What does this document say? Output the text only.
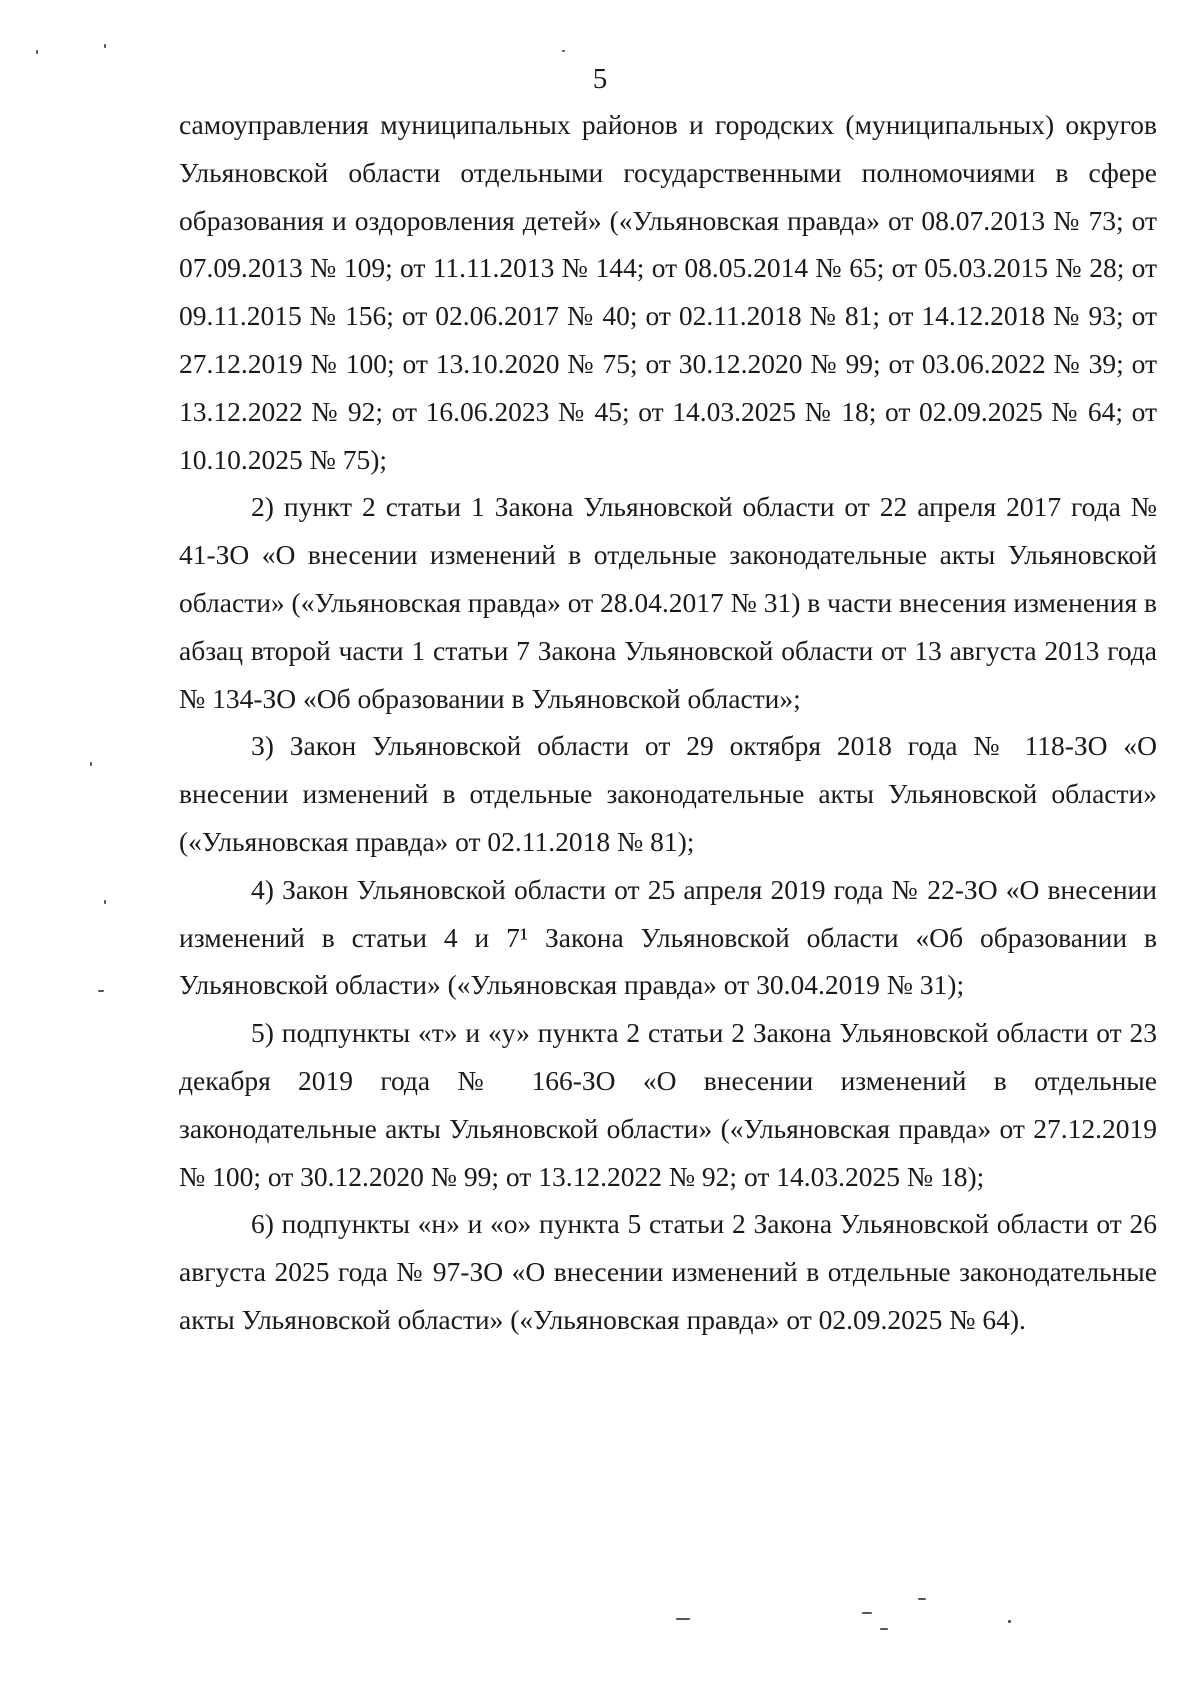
5

самоуправления муниципальных районов и городских (муниципальных) округов Ульяновской области отдельными государственными полномочиями в сфере образования и оздоровления детей» («Ульяновская правда» от 08.07.2013 № 73; от 07.09.2013 № 109; от 11.11.2013 № 144; от 08.05.2014 № 65; от 05.03.2015 № 28; от 09.11.2015 № 156; от 02.06.2017 № 40; от 02.11.2018 № 81; от 14.12.2018 № 93; от 27.12.2019 № 100; от 13.10.2020 № 75; от 30.12.2020 № 99; от 03.06.2022 № 39; от 13.12.2022 № 92; от 16.06.2023 № 45; от 14.03.2025 № 18; от 02.09.2025 № 64; от 10.10.2025 № 75);

2) пункт 2 статьи 1 Закона Ульяновской области от 22 апреля 2017 года № 41-ЗО «О внесении изменений в отдельные законодательные акты Ульяновской области» («Ульяновская правда» от 28.04.2017 № 31) в части внесения изменения в абзац второй части 1 статьи 7 Закона Ульяновской области от 13 августа 2013 года № 134-ЗО «Об образовании в Ульяновской области»;

3) Закон Ульяновской области от 29 октября 2018 года № 118-ЗО «О внесении изменений в отдельные законодательные акты Ульяновской области» («Ульяновская правда» от 02.11.2018 № 81);

4) Закон Ульяновской области от 25 апреля 2019 года № 22-ЗО «О внесении изменений в статьи 4 и 7¹ Закона Ульяновской области «Об образовании в Ульяновской области» («Ульяновская правда» от 30.04.2019 № 31);

5) подпункты «т» и «у» пункта 2 статьи 2 Закона Ульяновской области от 23 декабря 2019 года № 166-ЗО «О внесении изменений в отдельные законодательные акты Ульяновской области» («Ульяновская правда» от 27.12.2019 № 100; от 30.12.2020 № 99; от 13.12.2022 № 92; от 14.03.2025 № 18);

6) подпункты «н» и «о» пункта 5 статьи 2 Закона Ульяновской области от 26 августа 2025 года № 97-ЗО «О внесении изменений в отдельные законодательные акты Ульяновской области» («Ульяновская правда» от 02.09.2025 № 64).
